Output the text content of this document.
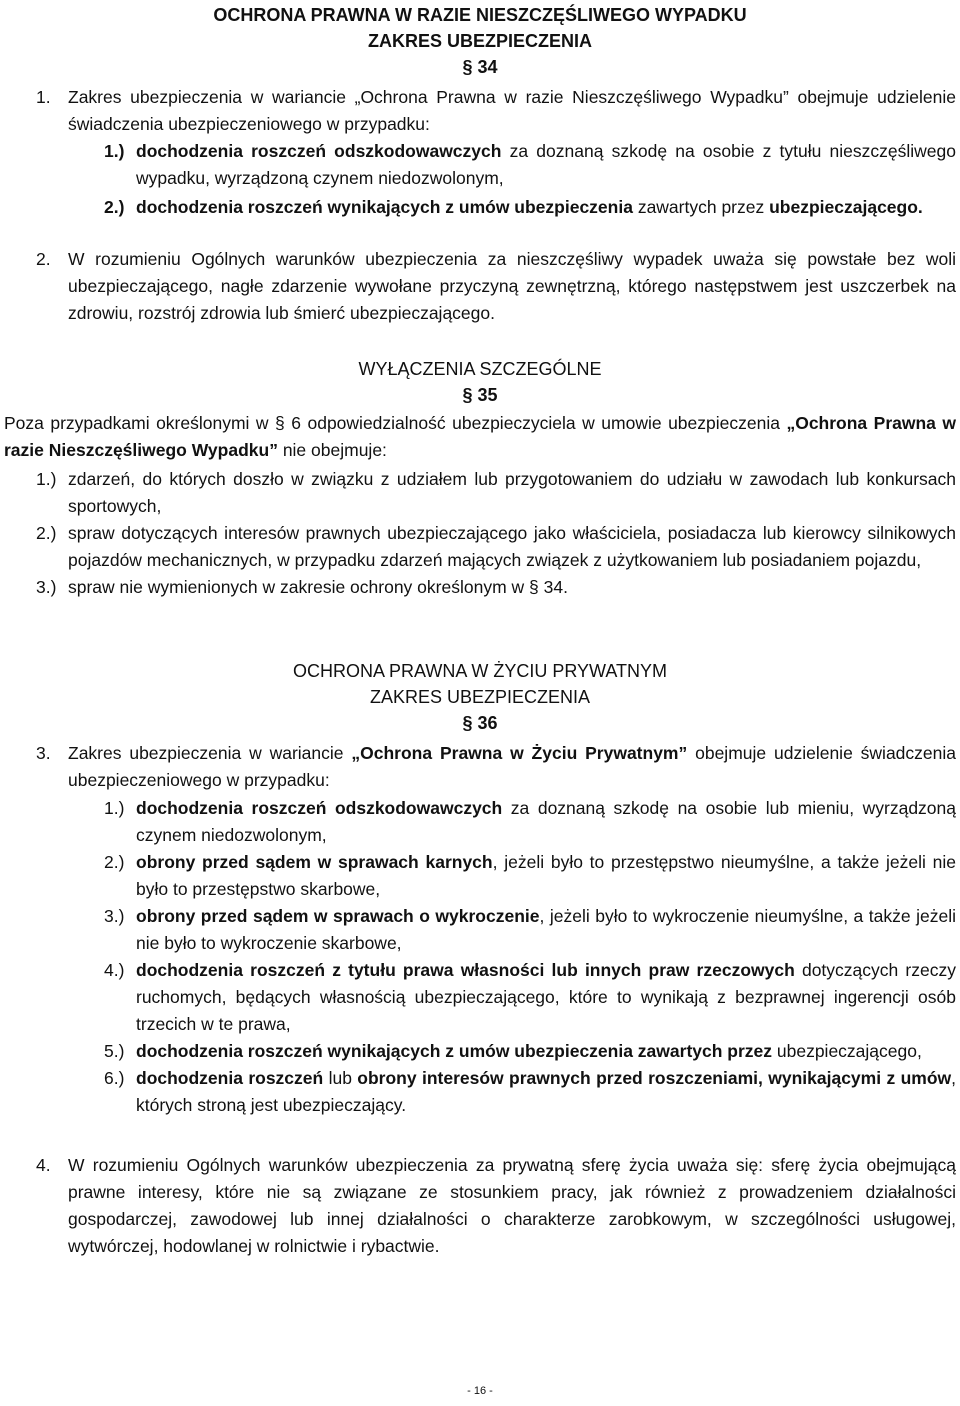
OCHRONA PRAWNA W RAZIE NIESZCZĘŚLIWEGO WYPADKU
ZAKRES UBEZPIECZENIA
§ 34
1. Zakres ubezpieczenia w wariancie „Ochrona Prawna w razie Nieszczęśliwego Wypadku” obejmuje udzielenie świadczenia ubezpieczeniowego w przypadku:
1.) dochodzenia roszczeń odszkodowawczych za doznaną szkodę na osobie z tytułu nieszczęśliwego wypadku, wyrządzoną czynem niedozwolonym,
2.) dochodzenia roszczeń wynikających z umów ubezpieczenia zawartych przez ubezpieczającego.
2. W rozumieniu Ogólnych warunków ubezpieczenia za nieszczęśliwy wypadek uważa się powstałe bez woli ubezpieczającego, nagłe zdarzenie wywołane przyczyną zewnętrzną, którego następstwem jest uszczerbek na zdrowiu, rozstrój zdrowia lub śmierć ubezpieczającego.
WYŁĄCZENIA SZCZEGÓLNE
§ 35
Poza przypadkami określonymi w § 6 odpowiedzialność ubezpieczyciela w umowie ubezpieczenia „Ochrona Prawna w razie Nieszczęśliwego Wypadku” nie obejmuje:
1.) zdarzeń, do których doszło w związku z udziałem lub przygotowaniem do udziału w zawodach lub konkursach sportowych,
2.) spraw dotyczących interesów prawnych ubezpieczającego jako właściciela, posiadacza lub kierowcy silnikowych pojazdów mechanicznych, w przypadku zdarzeń mających związek z użytkowaniem lub posiadaniem pojazdu,
3.) spraw nie wymienionych w zakresie ochrony określonym w § 34.
OCHRONA PRAWNA W ŻYCIU PRYWATNYM
ZAKRES UBEZPIECZENIA
§ 36
3. Zakres ubezpieczenia w wariancie „Ochrona Prawna w Życiu Prywatnym” obejmuje udzielenie świadczenia ubezpieczeniowego w przypadku:
1.) dochodzenia roszczeń odszkodowawczych za doznaną szkodę na osobie lub mieniu, wyrządzoną czynem niedozwolonym,
2.) obrony przed sądem w sprawach karnych, jeżeli było to przestępstwo nieumyślne, a także jeżeli nie było to przestępstwo skarbowe,
3.) obrony przed sądem w sprawach o wykroczenie, jeżeli było to wykroczenie nieumyślne, a także jeżeli nie było to wykroczenie skarbowe,
4.) dochodzenia roszczeń z tytułu prawa własności lub innych praw rzeczowych dotyczących rzeczy ruchomych, będących własnością ubezpieczającego, które to wynikają z bezprawnej ingerencji osób trzecich w te prawa,
5.) dochodzenia roszczeń wynikających z umów ubezpieczenia zawartych przez ubezpieczającego,
6.) dochodzenia roszczeń lub obrony interesów prawnych przed roszczeniami, wynikającymi z umów, których stroną jest ubezpieczający.
4. W rozumieniu Ogólnych warunków ubezpieczenia za prywatną sferę życia uważa się: sferę życia obejmującą prawne interesy, które nie są związane ze stosunkiem pracy, jak również z prowadzeniem działalności gospodarczej, zawodowej lub innej działalności o charakterze zarobkowym, w szczególności usługowej, wytwórczej, hodowlanej w rolnictwie i rybactwie.
- 16 -
